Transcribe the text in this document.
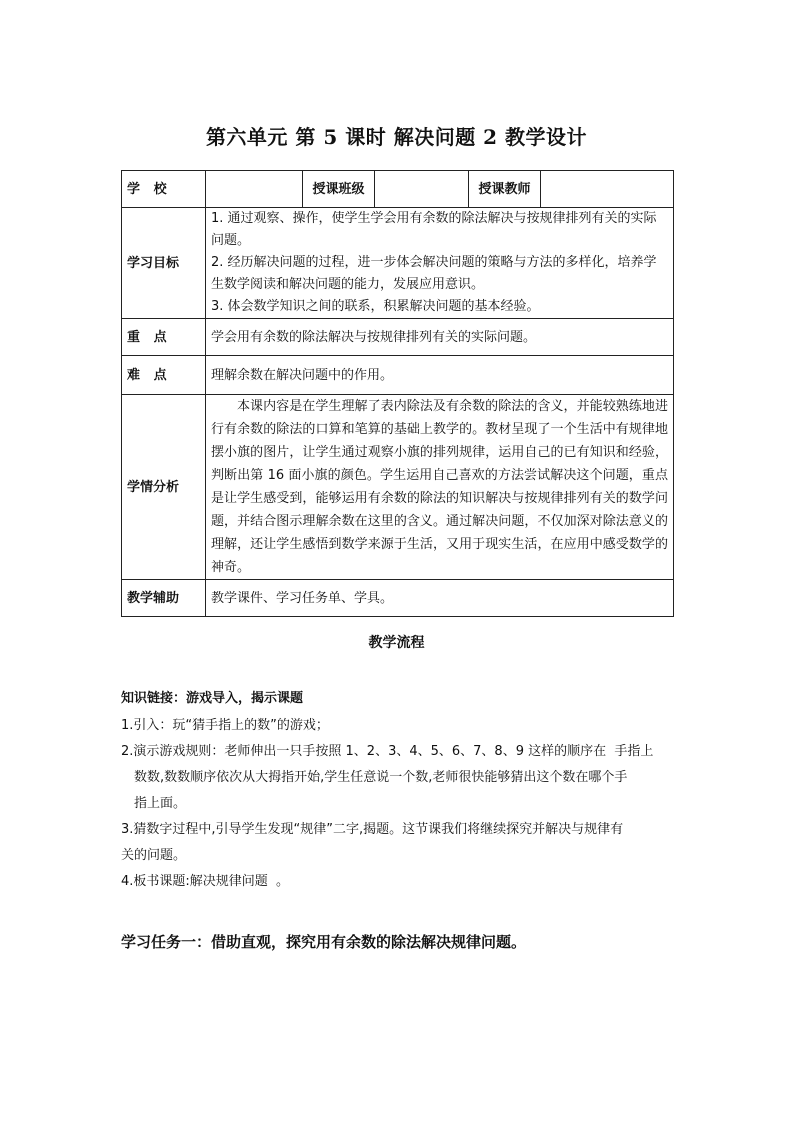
第六单元 第 5 课时 解决问题 2 教学设计
学   校		授课班级		授课教师	
学习目标	1. 通过观察、操作，使学生学会用有余数的除法解决与按规律排列有关的实际问题。
2. 经历解决问题的过程，进一步体会解决问题的策略与方法的多样化，培养学生数学阅读和解决问题的能力，发展应用意识。
3. 体会数学知识之间的联系，积累解决问题的基本经验。				

重   点	学会用有余数的除法解决与按规律排列有关的实际问题。				
难   点	理解余数在解决问题中的作用。				
学情分析	本课内容是在学生理解了表内除法及有余数的除法的含义，并能较熟练地进行有余数的除法的口算和笔算的基础上教学的。教材呈现了一个生活中有规律地摆小旗的图片，让学生通过观察小旗的排列规律，运用自己的已有知识和经验，判断出第 16 面小旗的颜色。学生运用自己喜欢的方法尝试解决这个问题，重点是让学生感受到，能够运用有余数的除法的知识解决与按规律排列有关的数学问题，并结合图示理解余数在这里的含义。通过解决问题，不仅加深对除法意义的理解，还让学生感悟到数学来源于生活，又用于现实生活，在应用中感受数学的神奇。				
教学辅助	教学课件、学习任务单、学具。				
教学流程
知识链接：游戏导入，揭示课题
1.引入：玩“猜手指上的数”的游戏；
2.演示游戏规则：老师伸出一只手按照 1、2、3、4、5、6、7、8、9 这样的顺序在  手指上
数数,数数顺序依次从大拇指开始,学生任意说一个数,老师很快能够猜出这个数在哪个手
指上面。
3.猜数字过程中,引导学生发现“规律”二字,揭题。这节课我们将继续探究并解决与规律有
关的问题。
4.板书课题:解决规律问题  。
学习任务一：借助直观，探究用有余数的除法解决规律问题。
